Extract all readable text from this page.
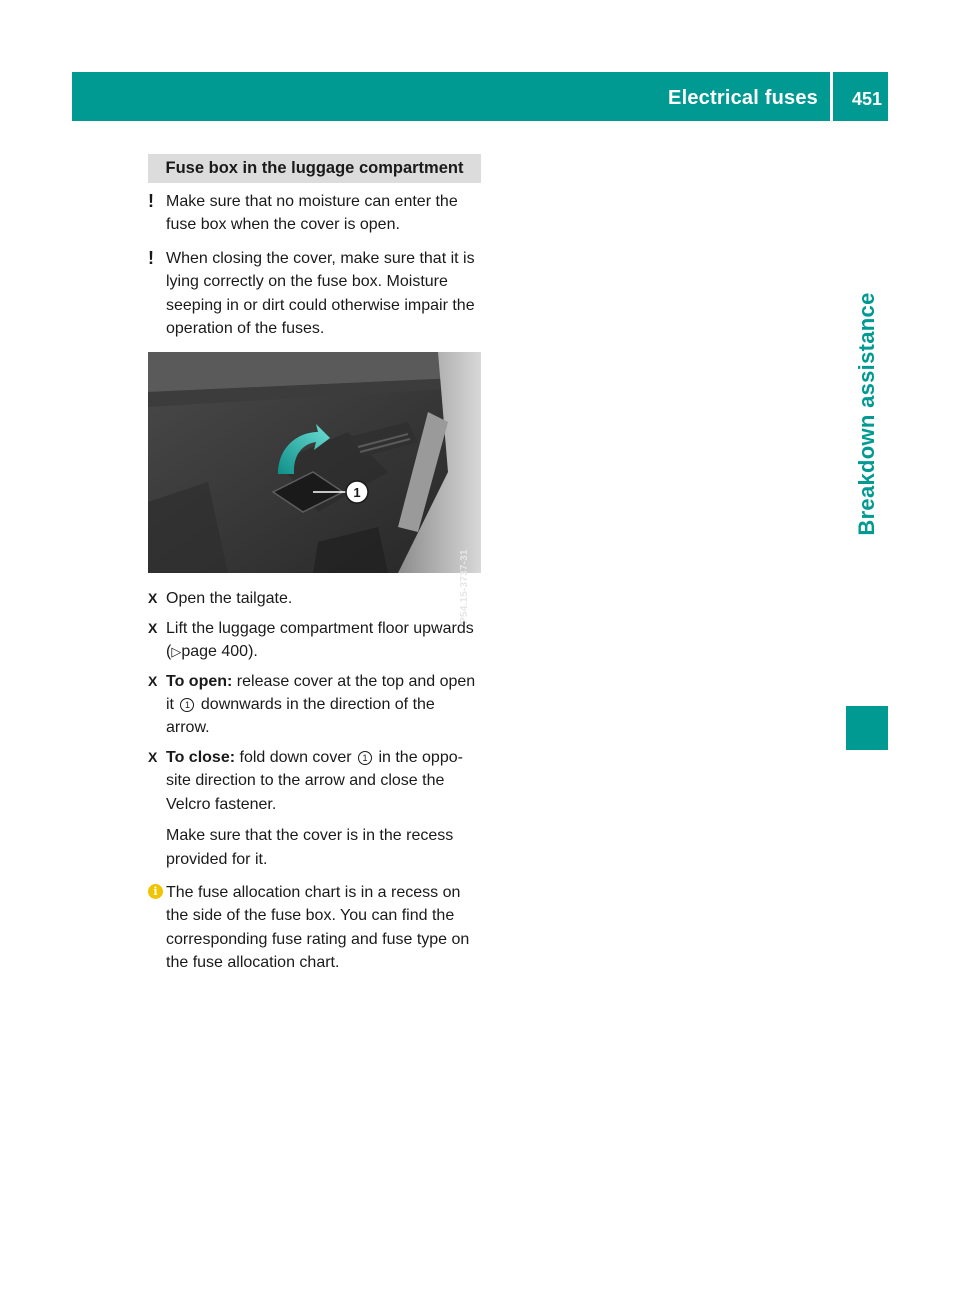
Electrical fuses 451
Breakdown assistance
Fuse box in the luggage compartment
! Make sure that no moisture can enter the fuse box when the cover is open.
! When closing the cover, make sure that it is lying correctly on the fuse box. Moisture seeping in or dirt could otherwise impair the operation of the fuses.
1
P54.15-3737-31
X Open the tailgate.
X Lift the luggage compartment floor upwards (▷page 400).
X To open: release cover at the top and open it 1 downwards in the direction of the arrow.
X To close: fold down cover 1 in the oppo-site direction to the arrow and close the Velcro fastener.
Make sure that the cover is in the recess provided for it.
i The fuse allocation chart is in a recess on the side of the fuse box. You can find the corresponding fuse rating and fuse type on the fuse allocation chart.
